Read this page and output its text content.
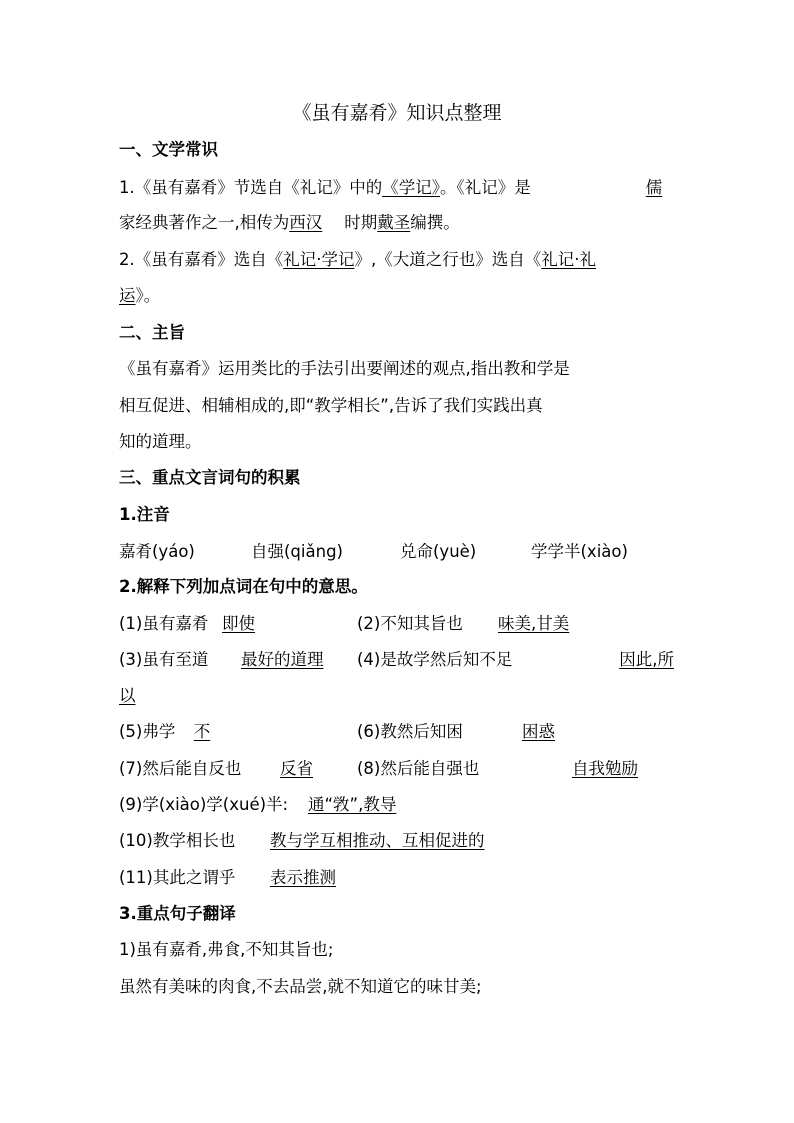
《虽有嘉肴》知识点整理
一、文学常识
1.《虽有嘉肴》节选自《礼记》中的《学记》。《礼记》是	儒
家经典著作之一,相传为西汉 时期戴圣编撰。
2.《虽有嘉肴》选自《礼记·学记》,《大道之行也》选自《礼记·礼
运》。
二、主旨
《虽有嘉肴》运用类比的手法引出要阐述的观点,指出教和学是
相互促进、相辅相成的,即“教学相长”,告诉了我们实践出真
知的道理。
三、重点文言词句的积累
1.注音
嘉肴(yáo)	自强(qiǎng)	兑命(yuè)	学学半(xiào)
2.解释下列加点词在句中的意思。
(1)虽有嘉肴 即使	(2)不知其旨也 味美,甘美
(3)虽有至道 最好的道理 (4)是故学然后知不足	因此,所
以
(5)弗学	不	(6)教然后知困	困惑
(7)然后能自反也 反省	(8)然后能自强也	自我勉励
(9)学(xiào)学(xué)半: 通“敩”,教导
(10)教学相长也 教与学互相推动、互相促进的
(11)其此之谓乎 表示推测
3.重点句子翻译
1)虽有嘉肴,弗食,不知其旨也;
虽然有美味的肉食,不去品尝,就不知道它的味甘美;
